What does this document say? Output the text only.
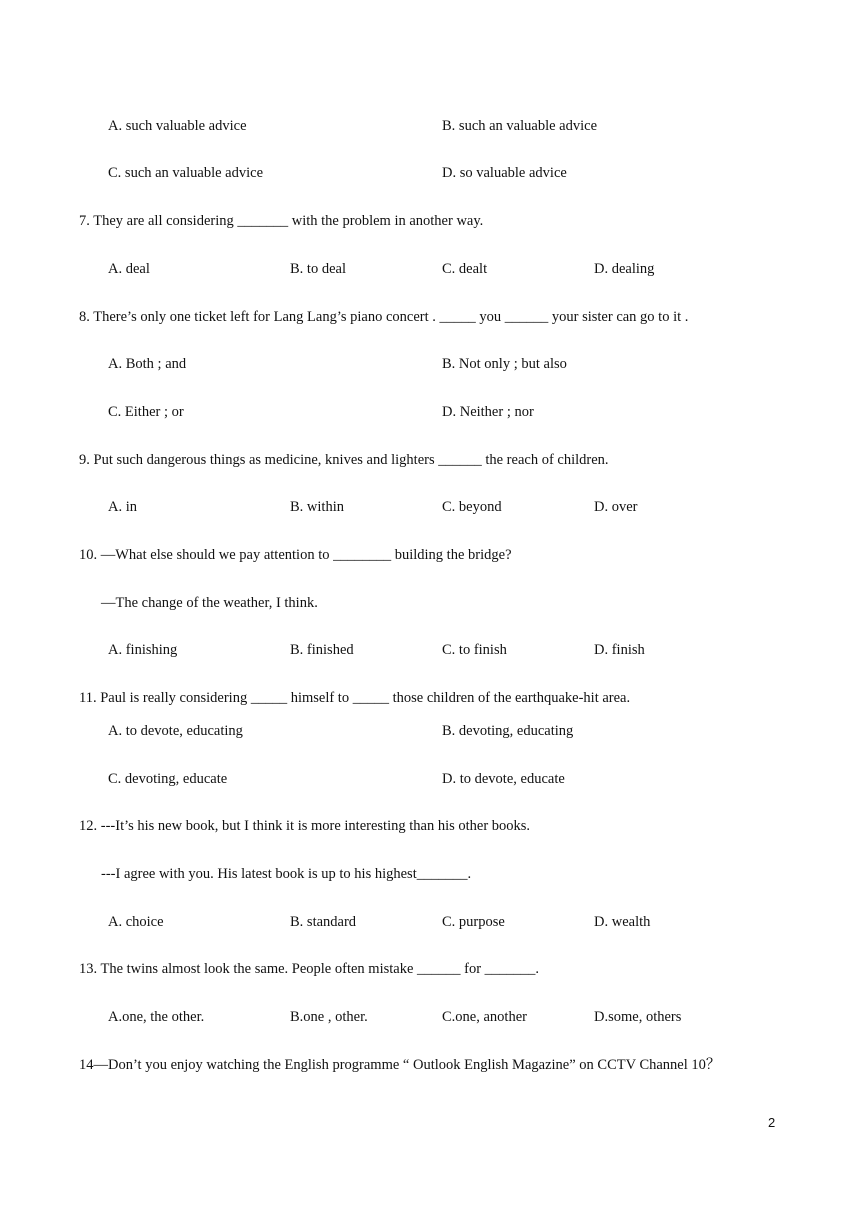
A. such valuable advice	B. such an valuable advice
C. such an valuable advice	D. so valuable advice
7. They are all considering _______ with the problem in another way.
A. deal	B. to deal	C. dealt	D. dealing
8. There’s only one ticket left for Lang Lang’s piano concert . _____ you ______ your sister can go to it .
A. Both ; and	B. Not only ; but also
C. Either ; or	D. Neither ; nor
9. Put such dangerous things as medicine, knives and lighters ______ the reach of children.
A. in	B. within	C. beyond	D. over
10. —What else should we pay attention to ________ building the bridge?
—The change of the weather, I think.
A. finishing	B. finished	C. to finish	D. finish
11. Paul is really considering _____ himself to _____ those children of the earthquake-hit area.
A. to devote, educating	B. devoting, educating
C. devoting, educate	D. to devote, educate
12. ---It’s his new book, but I think it is more interesting than his other books.
---I agree with you. His latest book is up to his highest_______.
A. choice	B. standard	C. purpose	D. wealth
13. The twins almost look the same. People often mistake ______ for _______.
A.one, the other.	B.one , other.	C.one, another	D.some, others
14—Don’t you enjoy watching the English programme “ Outlook English Magazine” on CCTV Channel 10？
2
